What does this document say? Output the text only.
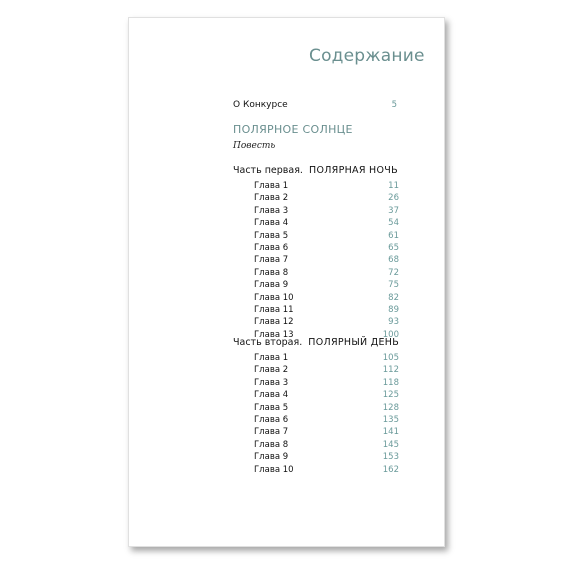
Содержание
О Конкурсе	5
ПОЛЯРНОЕ СОЛНЦЕ
Повесть
Часть первая. ПОЛЯРНАЯ НОЧЬ
Глава 1	11
Глава 2	26
Глава 3	37
Глава 4	54
Глава 5	61
Глава 6	65
Глава 7	68
Глава 8	72
Глава 9	75
Глава 10	82
Глава 11	89
Глава 12	93
Глава 13	100
Часть вторая. ПОЛЯРНЫЙ ДЕНЬ
Глава 1	105
Глава 2	112
Глава 3	118
Глава 4	125
Глава 5	128
Глава 6	135
Глава 7	141
Глава 8	145
Глава 9	153
Глава 10	162
